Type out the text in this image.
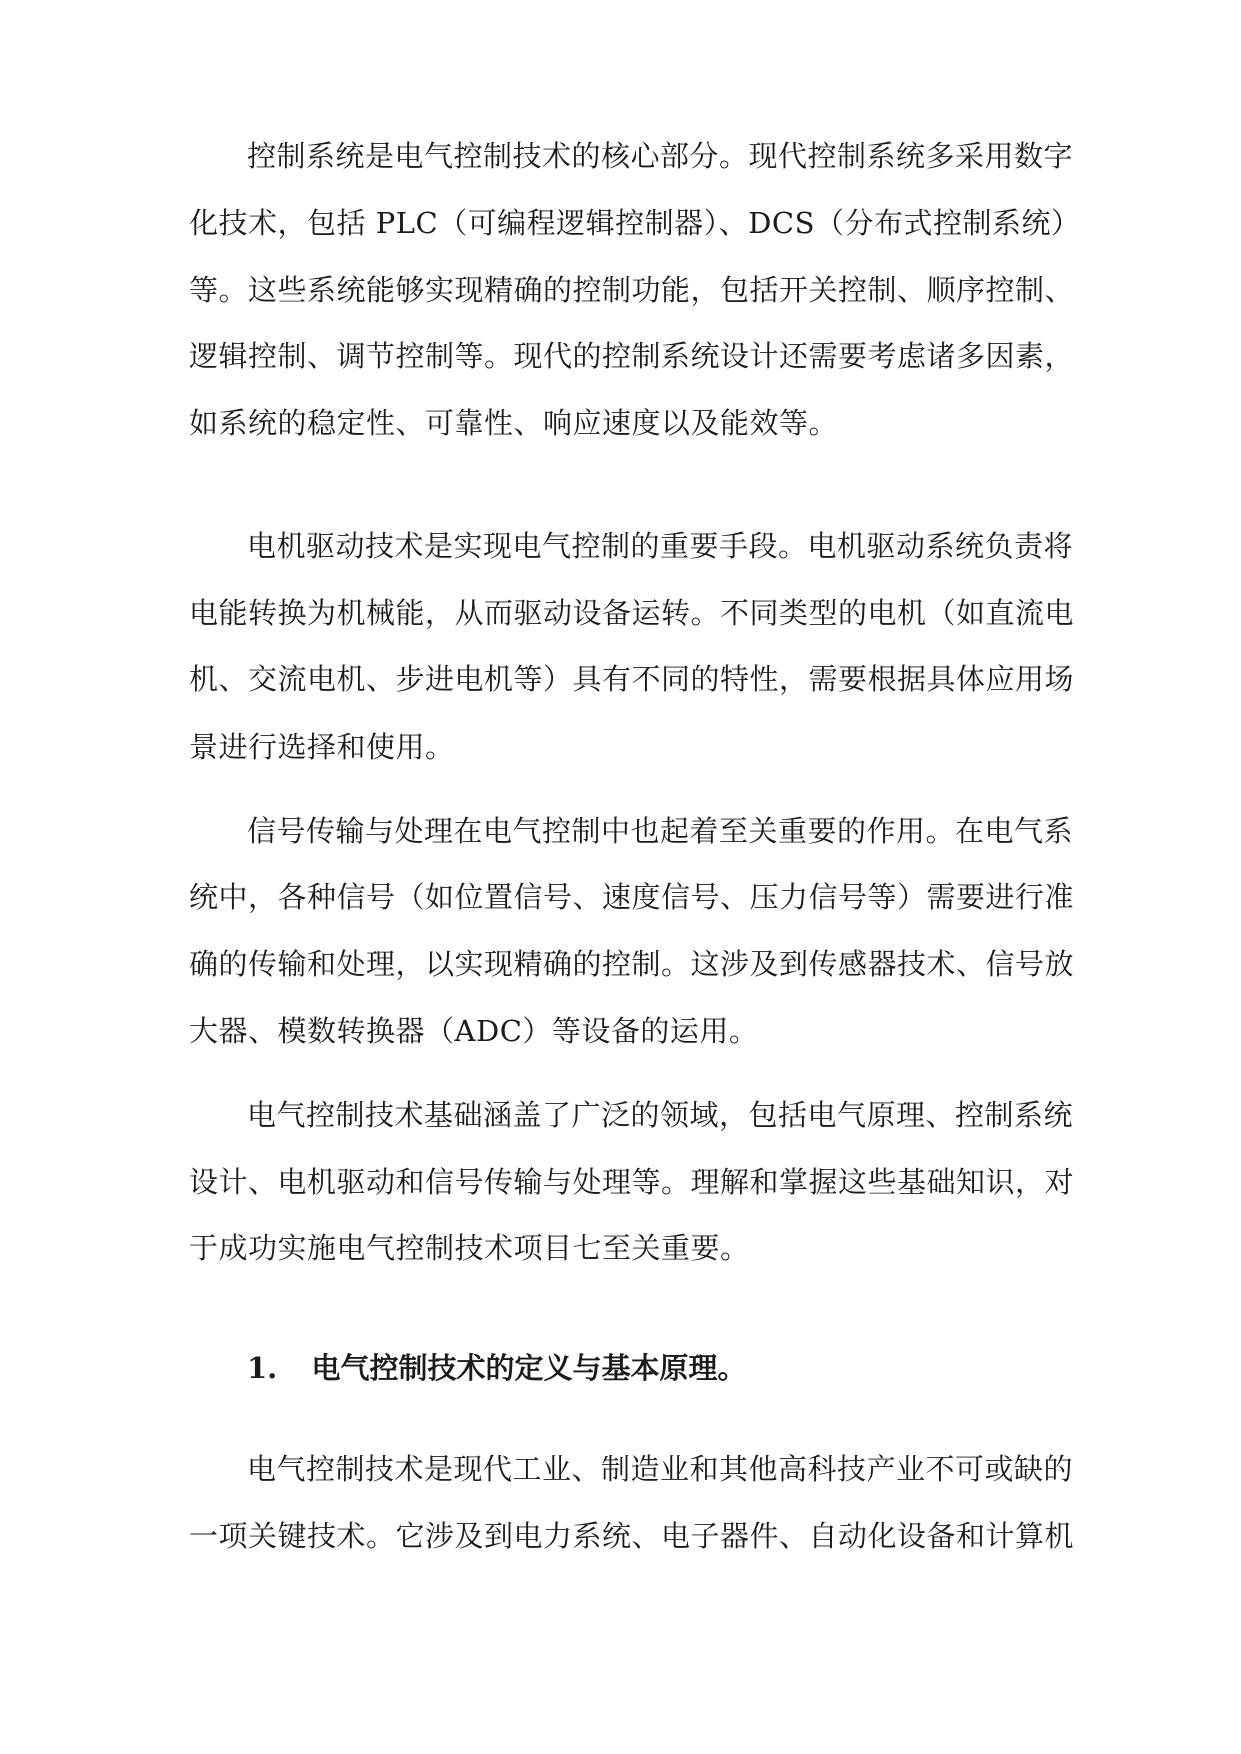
控制系统是电气控制技术的核心部分。现代控制系统多采用数字
化技术，包括 PLC（可编程逻辑控制器）、DCS（分布式控制系统）
等。这些系统能够实现精确的控制功能，包括开关控制、顺序控制、
逻辑控制、调节控制等。现代的控制系统设计还需要考虑诸多因素，
如系统的稳定性、可靠性、响应速度以及能效等。
电机驱动技术是实现电气控制的重要手段。电机驱动系统负责将
电能转换为机械能，从而驱动设备运转。不同类型的电机（如直流电
机、交流电机、步进电机等）具有不同的特性，需要根据具体应用场
景进行选择和使用。
信号传输与处理在电气控制中也起着至关重要的作用。在电气系
统中，各种信号（如位置信号、速度信号、压力信号等）需要进行准
确的传输和处理，以实现精确的控制。这涉及到传感器技术、信号放
大器、模数转换器（ADC）等设备的运用。
电气控制技术基础涵盖了广泛的领域，包括电气原理、控制系统
设计、电机驱动和信号传输与处理等。理解和掌握这些基础知识，对
于成功实施电气控制技术项目七至关重要。
1. 电气控制技术的定义与基本原理。
电气控制技术是现代工业、制造业和其他高科技产业不可或缺的
一项关键技术。它涉及到电力系统、电子器件、自动化设备和计算机
